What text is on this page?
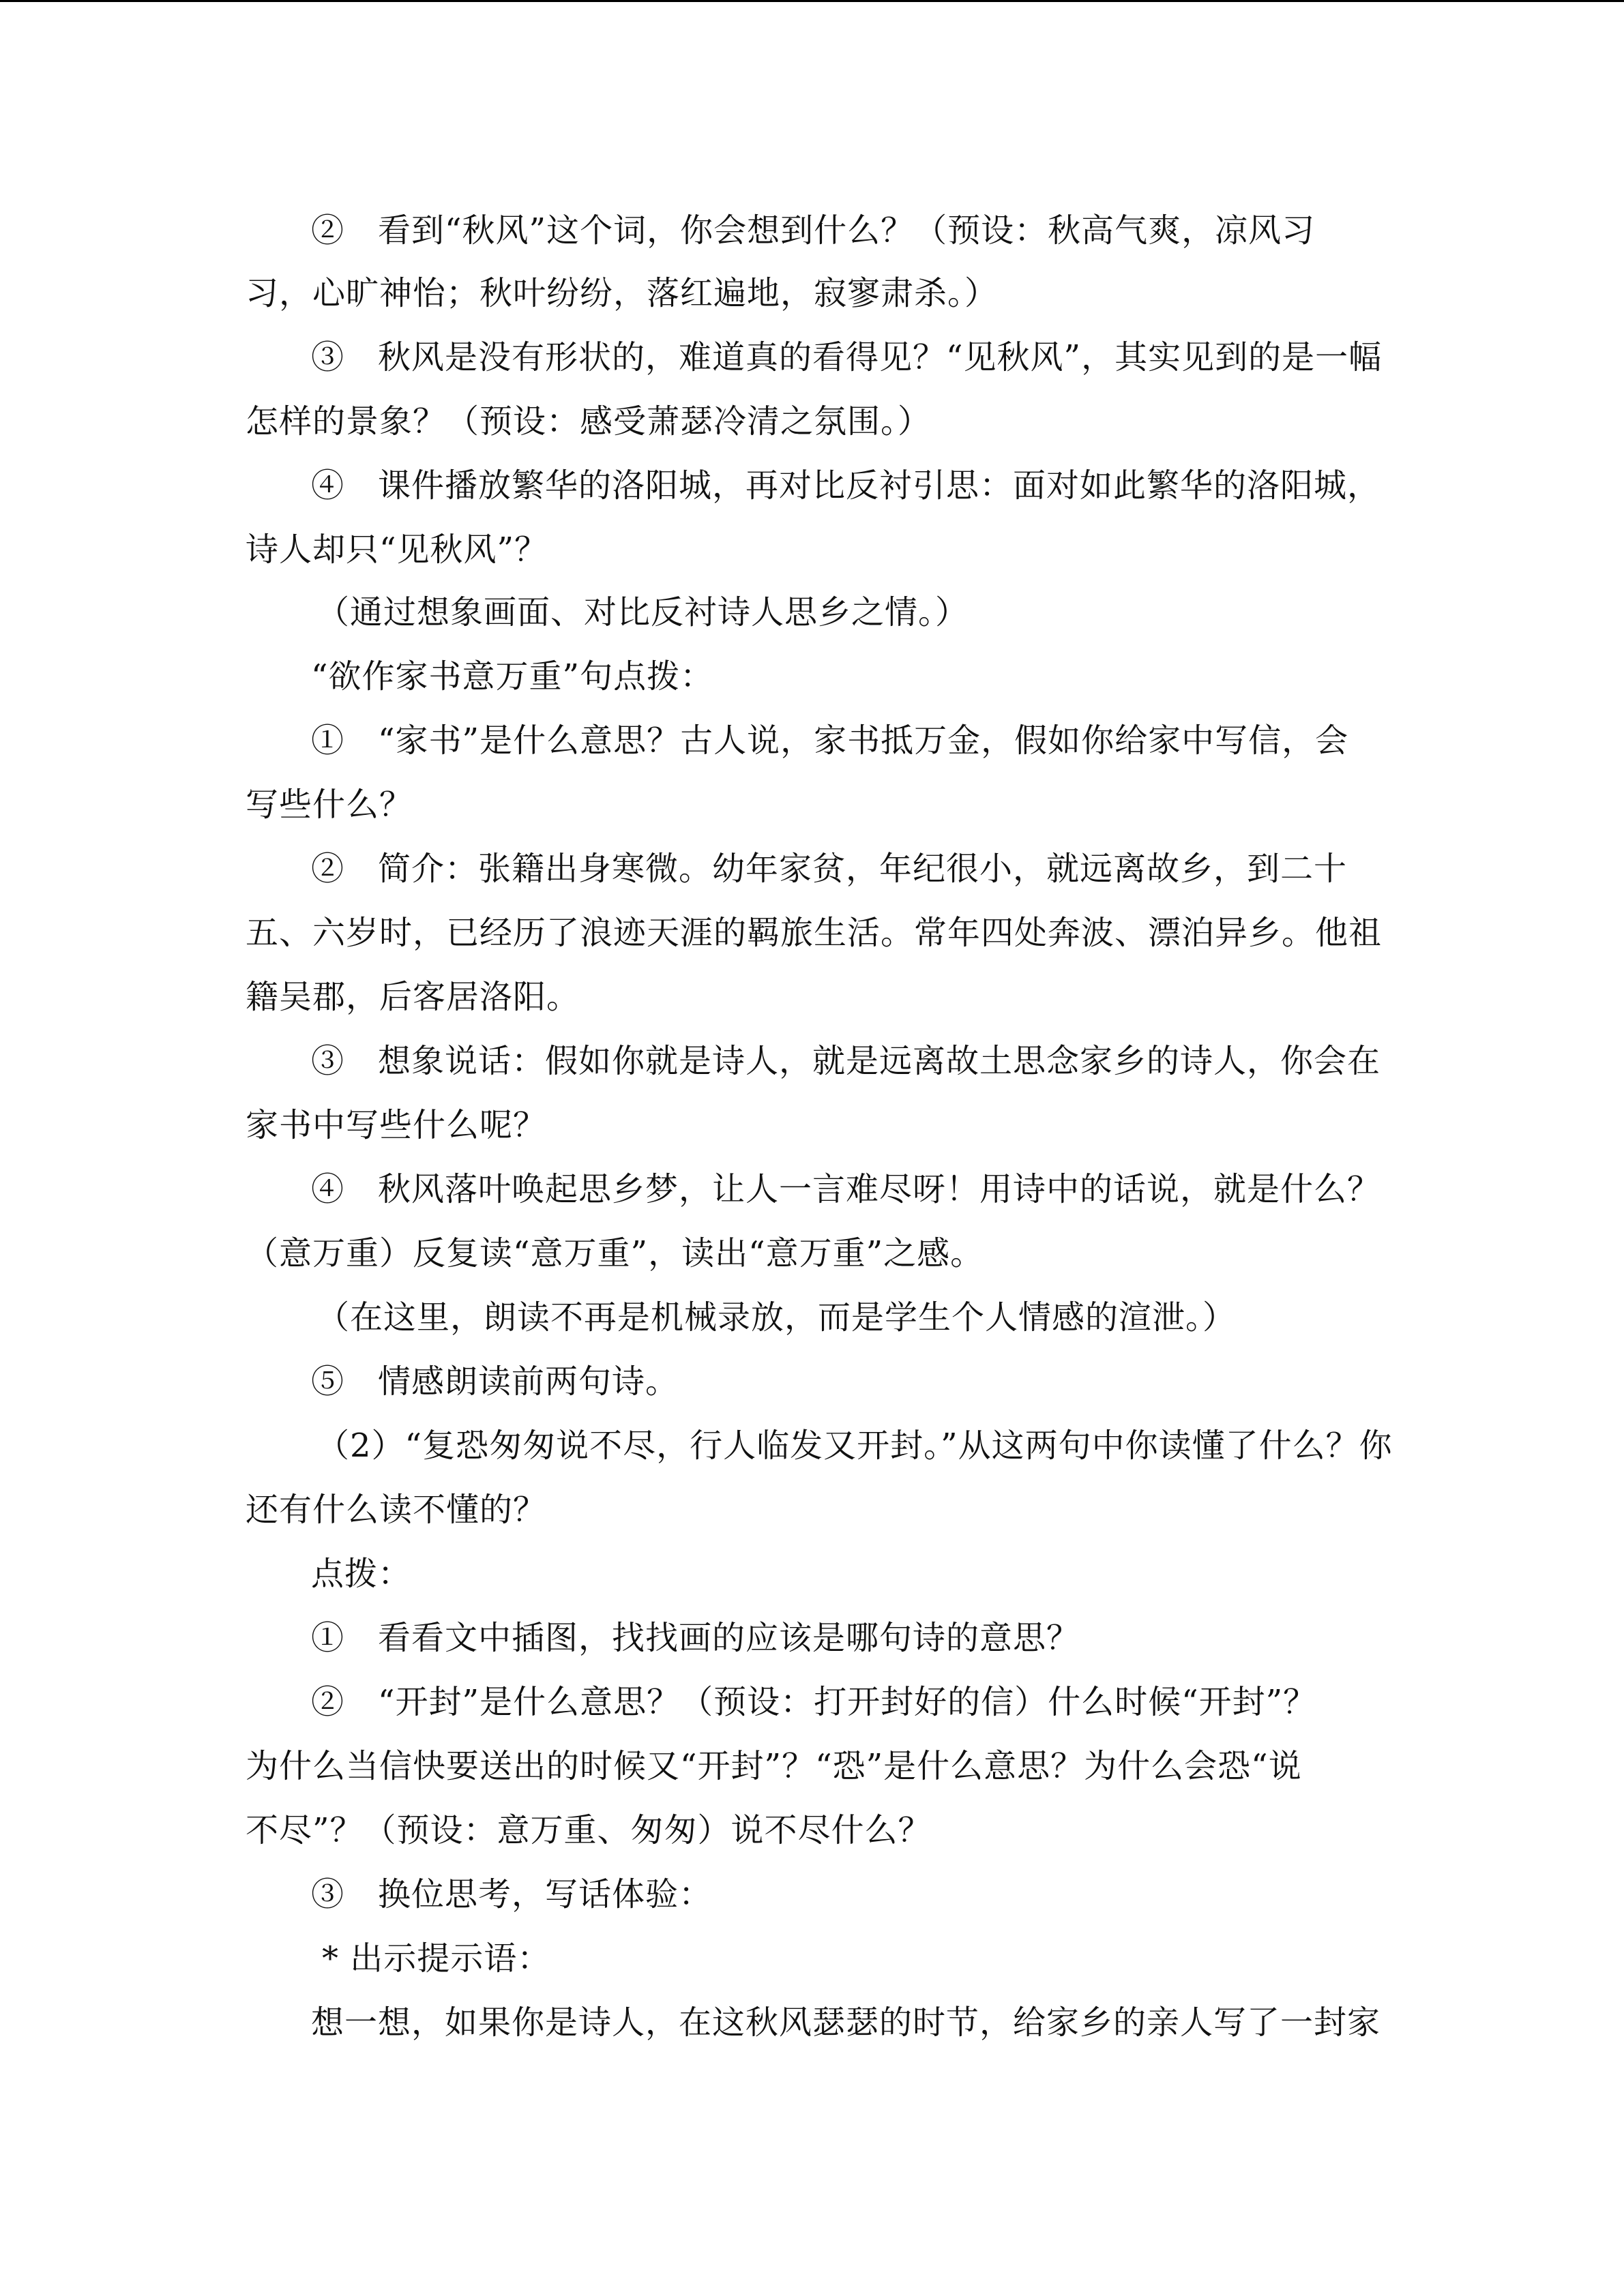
②　看到“秋风”这个词，你会想到什么？（预设：秋高气爽，凉风习
习，心旷神怡；秋叶纷纷，落红遍地，寂寥肃杀。）
③　秋风是没有形状的，难道真的看得见？“见秋风”，其实见到的是一幅
怎样的景象？（预设：感受萧瑟冷清之氛围。）
④　课件播放繁华的洛阳城，再对比反衬引思：面对如此繁华的洛阳城，
诗人却只“见秋风”？
（通过想象画面、对比反衬诗人思乡之情。）
“欲作家书意万重”句点拨：
①　“家书”是什么意思？古人说，家书抵万金，假如你给家中写信，会
写些什么？
②　简介：张籍出身寒微。幼年家贫，年纪很小，就远离故乡，到二十
五、六岁时，已经历了浪迹天涯的羁旅生活。常年四处奔波、漂泊异乡。他祖
籍吴郡，后客居洛阳。
③　想象说话：假如你就是诗人，就是远离故土思念家乡的诗人，你会在
家书中写些什么呢？
④　秋风落叶唤起思乡梦，让人一言难尽呀！用诗中的话说，就是什么？
（意万重）反复读“意万重”，读出“意万重”之感。
（在这里，朗读不再是机械录放，而是学生个人情感的渲泄。）
⑤　情感朗读前两句诗。
（2）“复恐匆匆说不尽，行人临发又开封。”从这两句中你读懂了什么？你
还有什么读不懂的？
点拨：
①　看看文中插图，找找画的应该是哪句诗的意思？
②　“开封”是什么意思？（预设：打开封好的信）什么时候“开封”？
为什么当信快要送出的时候又“开封”？“恐”是什么意思？为什么会恐“说
不尽”？（预设：意万重、匆匆）说不尽什么？
③　换位思考，写话体验：
* 出示提示语：
想一想，如果你是诗人，在这秋风瑟瑟的时节，给家乡的亲人写了一封家
